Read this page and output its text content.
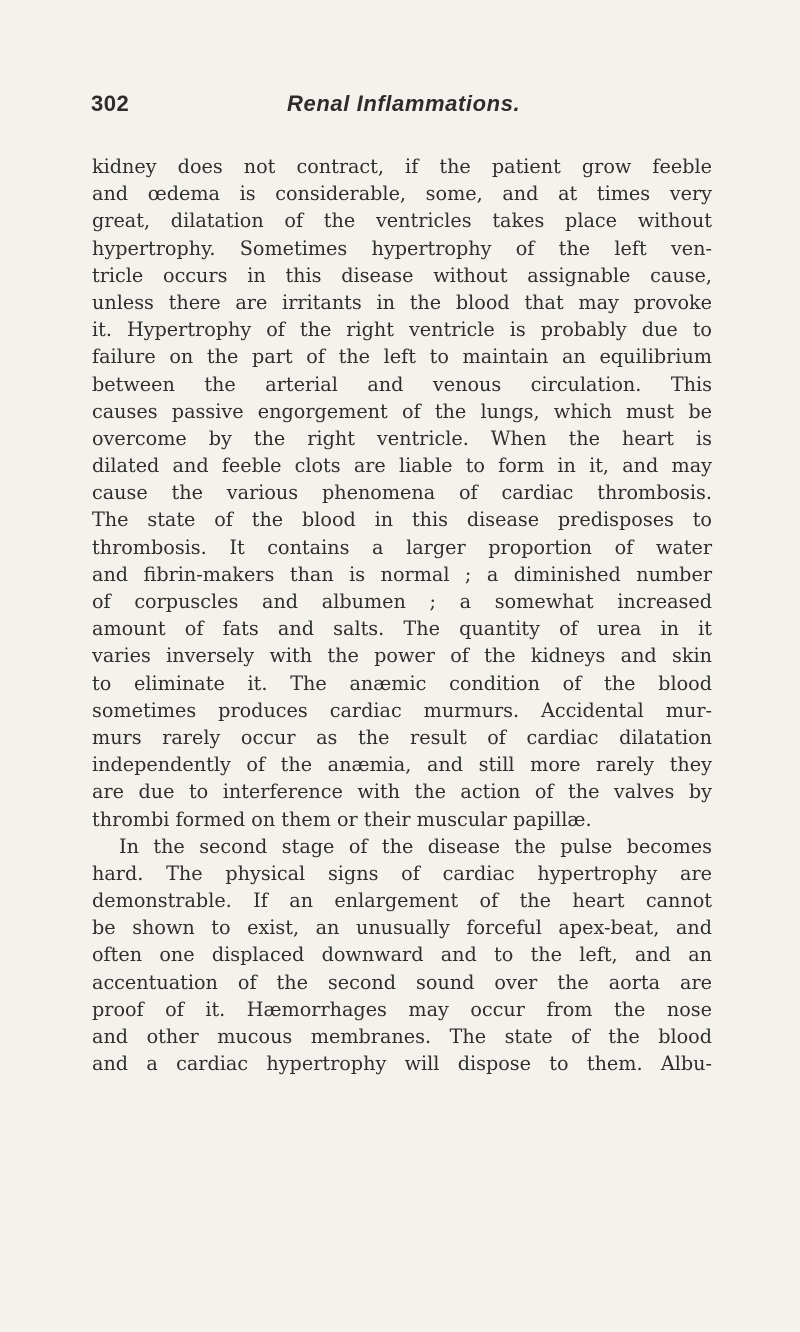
302	Renal Inflammations.
kidney does not contract, if the patient grow feeble
and œdema is considerable, some, and at times very
great, dilatation of the ventricles takes place without
hypertrophy. Sometimes hypertrophy of the left ven-
tricle occurs in this disease without assignable cause,
unless there are irritants in the blood that may provoke
it. Hypertrophy of the right ventricle is probably due to
failure on the part of the left to maintain an equilibrium
between the arterial and venous circulation. This
causes passive engorgement of the lungs, which must be
overcome by the right ventricle. When the heart is
dilated and feeble clots are liable to form in it, and may
cause the various phenomena of cardiac thrombosis.
The state of the blood in this disease predisposes to
thrombosis. It contains a larger proportion of water
and fibrin-makers than is normal ; a diminished number
of corpuscles and albumen ; a somewhat increased
amount of fats and salts. The quantity of urea in it
varies inversely with the power of the kidneys and skin
to eliminate it. The anæmic condition of the blood
sometimes produces cardiac murmurs. Accidental mur-
murs rarely occur as the result of cardiac dilatation
independently of the anæmia, and still more rarely they
are due to interference with the action of the valves by
thrombi formed on them or their muscular papillæ.
In the second stage of the disease the pulse becomes
hard. The physical signs of cardiac hypertrophy are
demonstrable. If an enlargement of the heart cannot
be shown to exist, an unusually forceful apex-beat, and
often one displaced downward and to the left, and an
accentuation of the second sound over the aorta are
proof of it. Hæmorrhages may occur from the nose
and other mucous membranes. The state of the blood
and a cardiac hypertrophy will dispose to them. Albu-
